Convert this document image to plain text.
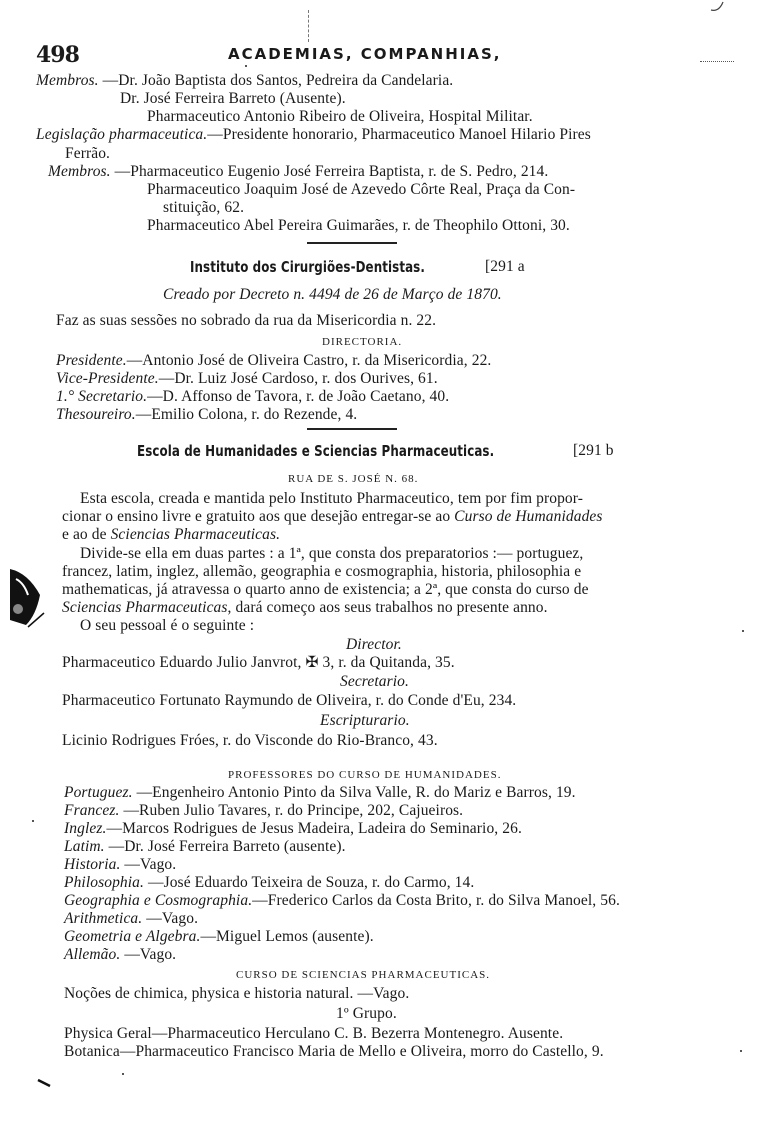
498	ACADEMIAS, COMPANHIAS,
Membros. —Dr. João Baptista dos Santos, Pedreira da Candelaria.
Dr. José Ferreira Barreto (Ausente).
Pharmaceutico Antonio Ribeiro de Oliveira, Hospital Militar.
Legislação pharmaceutica.—Presidente honorario, Pharmaceutico Manoel Hilario Pires
Ferrão.
Membros. —Pharmaceutico Eugenio José Ferreira Baptista, r. de S. Pedro, 214.
Pharmaceutico Joaquim José de Azevedo Côrte Real, Praça da Con-
stituição, 62.
Pharmaceutico Abel Pereira Guimarães, r. de Theophilo Ottoni, 30.
Instituto dos Cirurgiões-Dentistas.	[291 a
Creado por Decreto n. 4494 de 26 de Março de 1870.
Faz as suas sessões no sobrado da rua da Misericordia n. 22.
DIRECTORIA.
Presidente.—Antonio José de Oliveira Castro, r. da Misericordia, 22.
Vice-Presidente.—Dr. Luiz José Cardoso, r. dos Ourives, 61.
1.° Secretario.—D. Affonso de Tavora, r. de João Caetano, 40.
Thesoureiro.—Emilio Colona, r. do Rezende, 4.
Escola de Humanidades e Sciencias Pharmaceuticas.	[291 b
RUA DE S. JOSÉ N. 68.
Esta escola, creada e mantida pelo Instituto Pharmaceutico, tem por fim propor-
cionar o ensino livre e gratuito aos que desejão entregar-se ao Curso de Humanidades
e ao de Sciencias Pharmaceuticas.
Divide-se ella em duas partes : a 1ª, que consta dos preparatorios :— portuguez,
francez, latim, inglez, allemão, geographia e cosmographia, historia, philosophia e
mathematicas, já atravessa o quarto anno de existencia; a 2ª, que consta do curso de
Sciencias Pharmaceuticas, dará começo aos seus trabalhos no presente anno.
O seu pessoal é o seguinte :
Director.
Pharmaceutico Eduardo Julio Janvrot, ✠ 3, r. da Quitanda, 35.
Secretario.
Pharmaceutico Fortunato Raymundo de Oliveira, r. do Conde d'Eu, 234.
Escripturario.
Licinio Rodrigues Fróes, r. do Visconde do Rio-Branco, 43.
PROFESSORES DO CURSO DE HUMANIDADES.
Portuguez. —Engenheiro Antonio Pinto da Silva Valle, R. do Mariz e Barros, 19.
Francez. —Ruben Julio Tavares, r. do Principe, 202, Cajueiros.
Inglez.—Marcos Rodrigues de Jesus Madeira, Ladeira do Seminario, 26.
Latim. —Dr. José Ferreira Barreto (ausente).
Historia. —Vago.
Philosophia. —José Eduardo Teixeira de Souza, r. do Carmo, 14.
Geographia e Cosmographia.—Frederico Carlos da Costa Brito, r. do Silva Manoel, 56.
Arithmetica. —Vago.
Geometria e Algebra.—Miguel Lemos (ausente).
Allemão. —Vago.
CURSO DE SCIENCIAS PHARMACEUTICAS.
Noções de chimica, physica e historia natural. —Vago.
1º Grupo.
Physica Geral—Pharmaceutico Herculano C. B. Bezerra Montenegro. Ausente.
Botanica—Pharmaceutico Francisco Maria de Mello e Oliveira, morro do Castello, 9.
